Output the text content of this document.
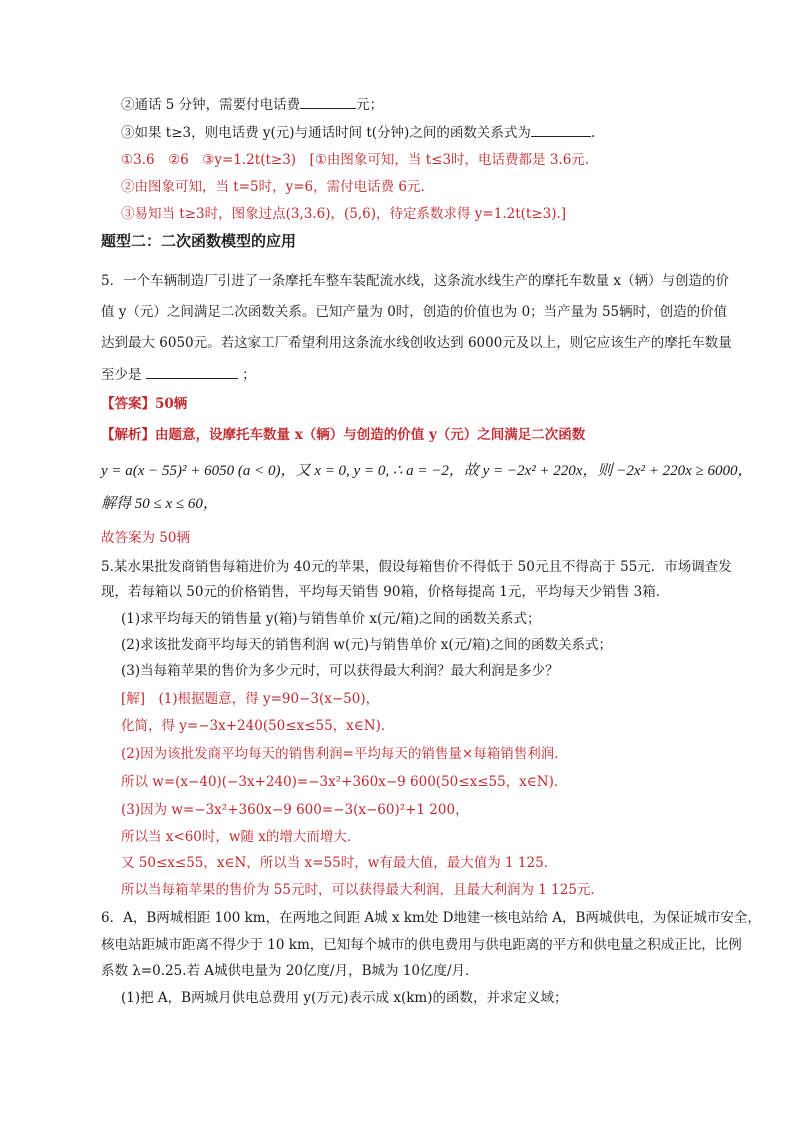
②通话 5 分钟，需要付电话费	元；
③如果 t≥3，则电话费 y(元)与通话时间 t(分钟)之间的函数关系式为	.
①3.6　②6　③y=1.2t(t≥3)　[①由图象可知，当 t≤3时，电话费都是 3.6元.
②由图象可知，当 t=5时，y=6，需付电话费 6元.
③易知当 t≥3时，图象过点(3,3.6)，(5,6)，待定系数求得 y=1.2t(t≥3).]
题型二：二次函数模型的应用
5．一个车辆制造厂引进了一条摩托车整车装配流水线，这条流水线生产的摩托车数量 x（辆）与创造的价
值 y（元）之间满足二次函数关系。已知产量为 0时，创造的价值也为 0；当产量为 55辆时，创造的价值
达到最大 6050元。若这家工厂希望利用这条流水线创收达到 6000元及以上，则它应该生产的摩托车数量
至少是	；
【答案】50辆
【解析】由题意，设摩托车数量 x（辆）与创造的价值 y（元）之间满足二次函数
y = a(x − 55)² + 6050 (a < 0)，又 x = 0, y = 0, ∴ a = −2，故 y = −2x² + 220x，则 −2x² + 220x ≥ 6000，
解得 50 ≤ x ≤ 60，
故答案为 50辆
5.某水果批发商销售每箱进价为 40元的苹果，假设每箱售价不得低于 50元且不得高于 55元．市场调查发
现，若每箱以 50元的价格销售，平均每天销售 90箱，价格每提高 1元，平均每天少销售 3箱．
(1)求平均每天的销售量 y(箱)与销售单价 x(元/箱)之间的函数关系式；
(2)求该批发商平均每天的销售利润 w(元)与销售单价 x(元/箱)之间的函数关系式；
(3)当每箱苹果的售价为多少元时，可以获得最大利润？最大利润是多少？
[解]　(1)根据题意，得 y=90−3(x−50)，
化简，得 y=−3x+240(50≤x≤55，x∈N)．
(2)因为该批发商平均每天的销售利润=平均每天的销售量×每箱销售利润．
所以 w=(x−40)(−3x+240)=−3x²+360x−9 600(50≤x≤55，x∈N)．
(3)因为 w=−3x²+360x−9 600=−3(x−60)²+1 200，
所以当 x<60时，w随 x的增大而增大．
又 50≤x≤55，x∈N，所以当 x=55时，w有最大值，最大值为 1 125．
所以当每箱苹果的售价为 55元时，可以获得最大利润，且最大利润为 1 125元．
6．A，B两城相距 100 km，在两地之间距 A城 x km处 D地建一核电站给 A，B两城供电，为保证城市安全，
核电站距城市距离不得少于 10 km，已知每个城市的供电费用与供电距离的平方和供电量之积成正比，比例
系数 λ=0.25.若 A城供电量为 20亿度/月，B城为 10亿度/月．
(1)把 A，B两城月供电总费用 y(万元)表示成 x(km)的函数，并求定义域；
